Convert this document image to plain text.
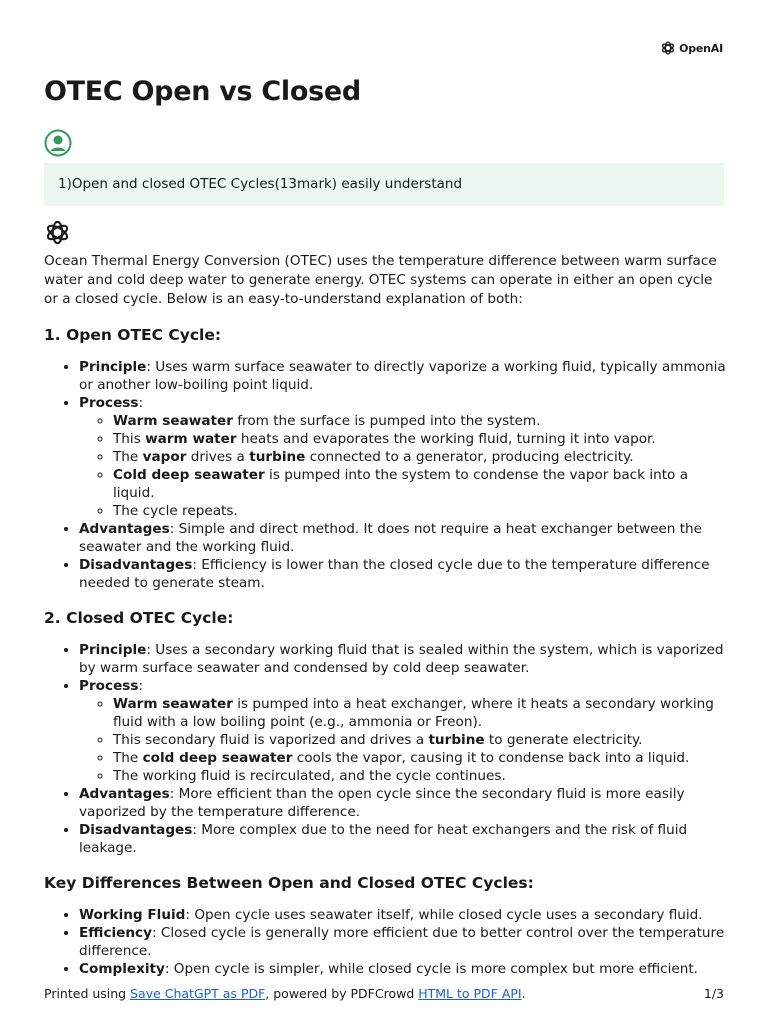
OpenAI
OTEC Open vs Closed
1)Open and closed OTEC Cycles(13mark) easily understand

Ocean Thermal Energy Conversion (OTEC) uses the temperature difference between warm surface water and cold deep water to generate energy. OTEC systems can operate in either an open cycle or a closed cycle. Below is an easy-to-understand explanation of both:

1. Open OTEC Cycle:
• Principle: Uses warm surface seawater to directly vaporize a working fluid, typically ammonia or another low-boiling point liquid.
• Process:
◦ Warm seawater from the surface is pumped into the system.
◦ This warm water heats and evaporates the working fluid, turning it into vapor.
◦ The vapor drives a turbine connected to a generator, producing electricity.
◦ Cold deep seawater is pumped into the system to condense the vapor back into a liquid.
◦ The cycle repeats.
• Advantages: Simple and direct method. It does not require a heat exchanger between the seawater and the working fluid.
• Disadvantages: Efficiency is lower than the closed cycle due to the temperature difference needed to generate steam.
2. Closed OTEC Cycle:
• Principle: Uses a secondary working fluid that is sealed within the system, which is vaporized by warm surface seawater and condensed by cold deep seawater.
• Process:
◦ Warm seawater is pumped into a heat exchanger, where it heats a secondary working fluid with a low boiling point (e.g., ammonia or Freon).
◦ This secondary fluid is vaporized and drives a turbine to generate electricity.
◦ The cold deep seawater cools the vapor, causing it to condense back into a liquid.
◦ The working fluid is recirculated, and the cycle continues.
• Advantages: More efficient than the open cycle since the secondary fluid is more easily vaporized by the temperature difference.
• Disadvantages: More complex due to the need for heat exchangers and the risk of fluid leakage.
Key Differences Between Open and Closed OTEC Cycles:
• Working Fluid: Open cycle uses seawater itself, while closed cycle uses a secondary fluid.
• Efficiency: Closed cycle is generally more efficient due to better control over the temperature difference.
• Complexity: Open cycle is simpler, while closed cycle is more complex but more efficient.
Printed using Save ChatGPT as PDF, powered by PDFCrowd HTML to PDF API.	1/3
